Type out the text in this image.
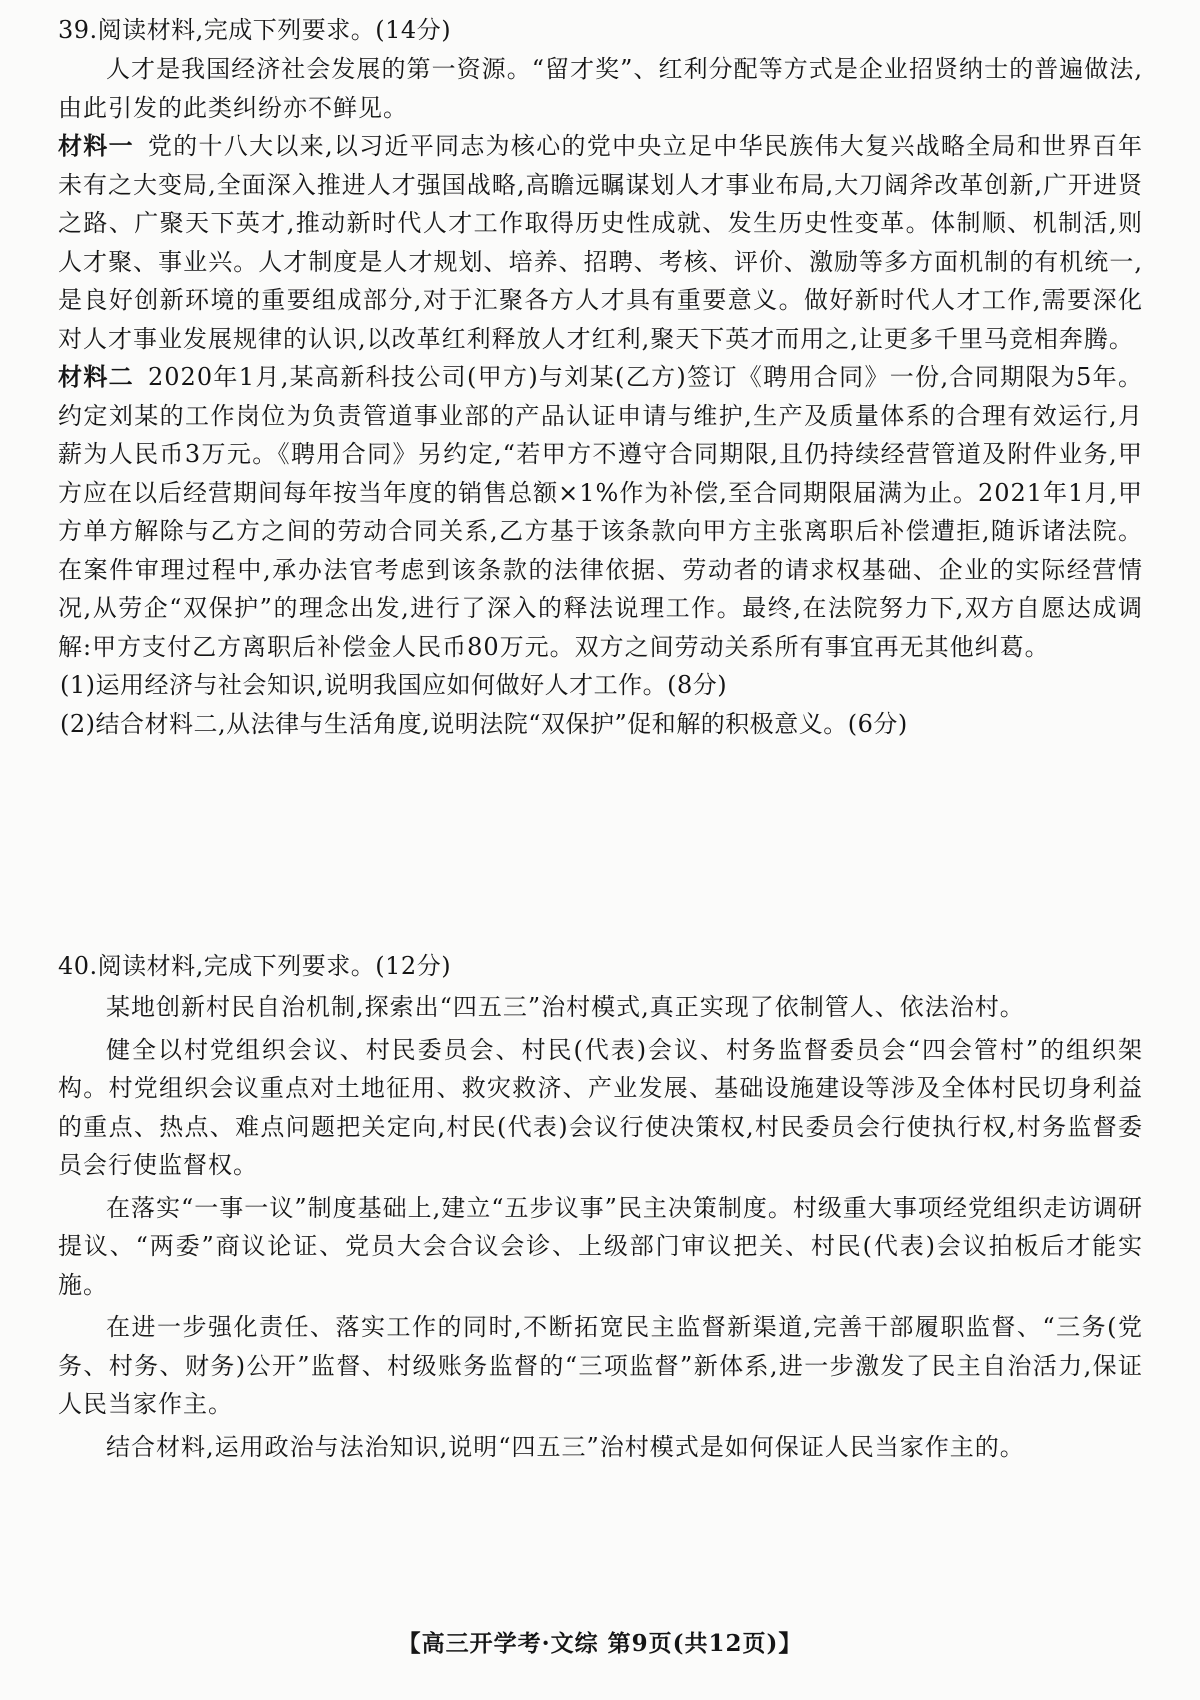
39.阅读材料,完成下列要求。(14分)

人才是我国经济社会发展的第一资源。“留才奖”、红利分配等方式是企业招贤纳士的普遍做法,由此引发的此类纠纷亦不鲜见。

材料一 党的十八大以来,以习近平同志为核心的党中央立足中华民族伟大复兴战略全局和世界百年未有之大变局,全面深入推进人才强国战略,高瞻远瞩谋划人才事业布局,大刀阔斧改革创新,广开进贤之路、广聚天下英才,推动新时代人才工作取得历史性成就、发生历史性变革。体制顺、机制活,则人才聚、事业兴。人才制度是人才规划、培养、招聘、考核、评价、激励等多方面机制的有机统一,是良好创新环境的重要组成部分,对于汇聚各方人才具有重要意义。做好新时代人才工作,需要深化对人才事业发展规律的认识,以改革红利释放人才红利,聚天下英才而用之,让更多千里马竞相奔腾。

材料二 2020年1月,某高新科技公司(甲方)与刘某(乙方)签订《聘用合同》一份,合同期限为5年。约定刘某的工作岗位为负责管道事业部的产品认证申请与维护,生产及质量体系的合理有效运行,月薪为人民币3万元。《聘用合同》另约定,“若甲方不遵守合同期限,且仍持续经营管道及附件业务,甲方应在以后经营期间每年按当年度的销售总额×1%作为补偿,至合同期限届满为止。2021年1月,甲方单方解除与乙方之间的劳动合同关系,乙方基于该条款向甲方主张离职后补偿遭拒,随诉诸法院。在案件审理过程中,承办法官考虑到该条款的法律依据、劳动者的请求权基础、企业的实际经营情况,从劳企“双保护”的理念出发,进行了深入的释法说理工作。最终,在法院努力下,双方自愿达成调解:甲方支付乙方离职后补偿金人民币80万元。双方之间劳动关系所有事宜再无其他纠葛。

(1)运用经济与社会知识,说明我国应如何做好人才工作。(8分)

(2)结合材料二,从法律与生活角度,说明法院“双保护”促和解的积极意义。(6分)

40.阅读材料,完成下列要求。(12分)

某地创新村民自治机制,探索出“四五三”治村模式,真正实现了依制管人、依法治村。

健全以村党组织会议、村民委员会、村民(代表)会议、村务监督委员会“四会管村”的组织架构。村党组织会议重点对土地征用、救灾救济、产业发展、基础设施建设等涉及全体村民切身利益的重点、热点、难点问题把关定向,村民(代表)会议行使决策权,村民委员会行使执行权,村务监督委员会行使监督权。

在落实“一事一议”制度基础上,建立“五步议事”民主决策制度。村级重大事项经党组织走访调研提议、“两委”商议论证、党员大会合议会诊、上级部门审议把关、村民(代表)会议拍板后才能实施。

在进一步强化责任、落实工作的同时,不断拓宽民主监督新渠道,完善干部履职监督、“三务(党务、村务、财务)公开”监督、村级账务监督的“三项监督”新体系,进一步激发了民主自治活力,保证人民当家作主。

结合材料,运用政治与法治知识,说明“四五三”治村模式是如何保证人民当家作主的。

【高三开学考·文综 第9页(共12页)】
